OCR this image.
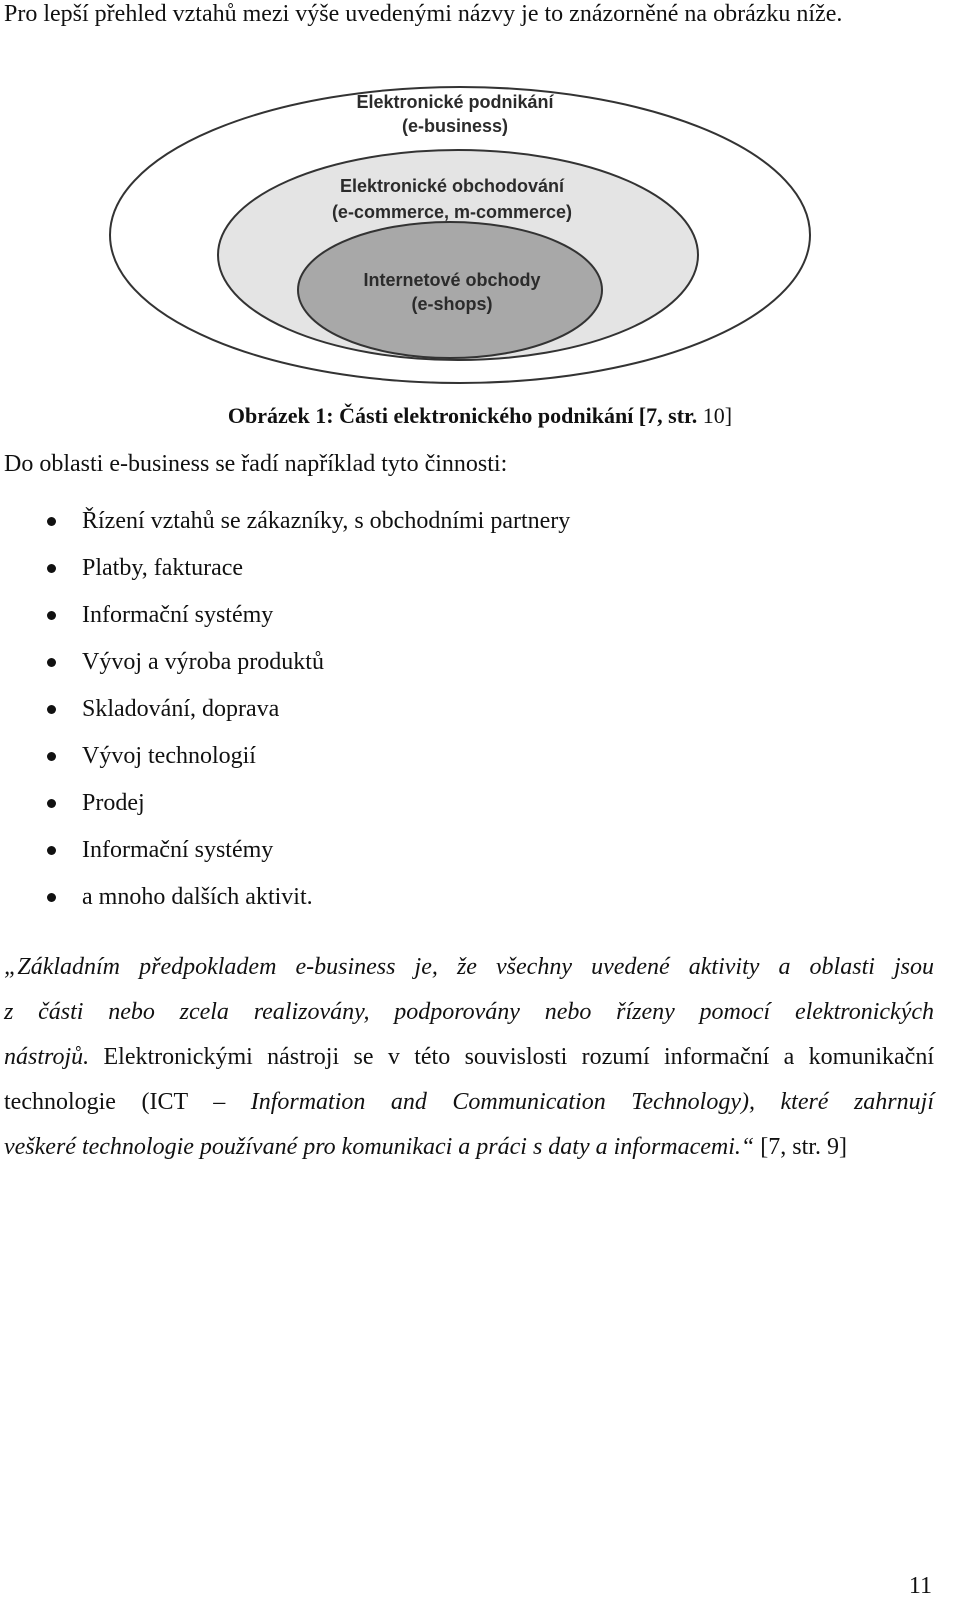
Pro lepší přehled vztahů mezi výše uvedenými názvy je to znázorněné na obrázku níže.
Elektronické podnikání
(e-business)
Elektronické obchodování
(e-commerce, m-commerce)
Internetové obchody
(e-shops)
Obrázek 1: Části elektronického podnikání [7, str. 10]
Do oblasti e-business se řadí například tyto činnosti:
Řízení vztahů se zákazníky, s obchodními partnery
Platby, fakturace
Informační systémy
Vývoj a výroba produktů
Skladování, doprava
Vývoj technologií
Prodej
Informační systémy
a mnoho dalších aktivit.

„Základním předpokladem e-business je, že všechny uvedené aktivity a oblasti jsou

z části nebo zcela realizovány, podporovány nebo řízeny pomocí elektronických

nástrojů. Elektronickými nástroji se v této souvislosti rozumí informační a komunikační

technologie (ICT – Information and Communication Technology), které zahrnují

veškeré technologie používané pro komunikaci a práci s daty a informacemi.“ [7, str. 9]

11
